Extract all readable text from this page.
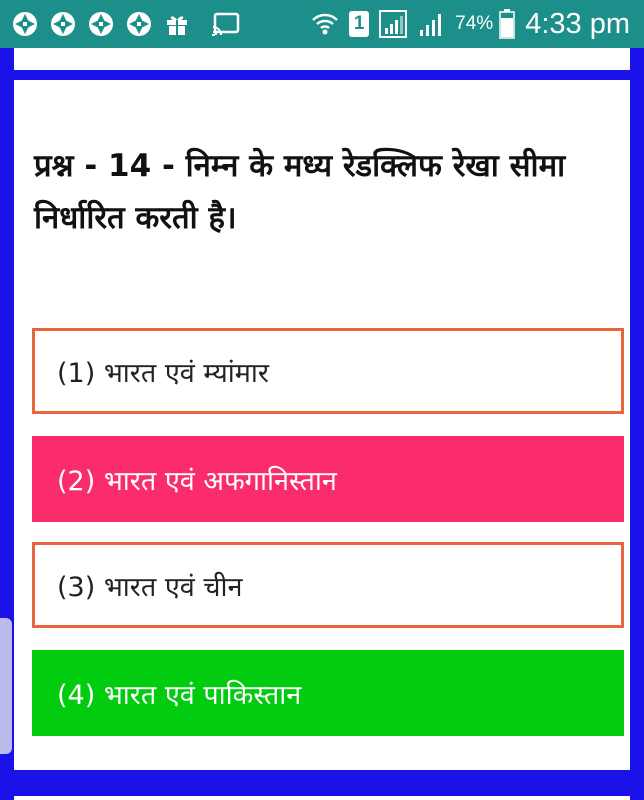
1	74% 4:33 pm
प्रश्न - 14 - निम्न के मध्य रेडक्लिफ रेखा सीमा निर्धारित करती है।
(1) भारत एवं म्यांमार
(2) भारत एवं अफगानिस्तान
(3) भारत एवं चीन
(4) भारत एवं पाकिस्तान
